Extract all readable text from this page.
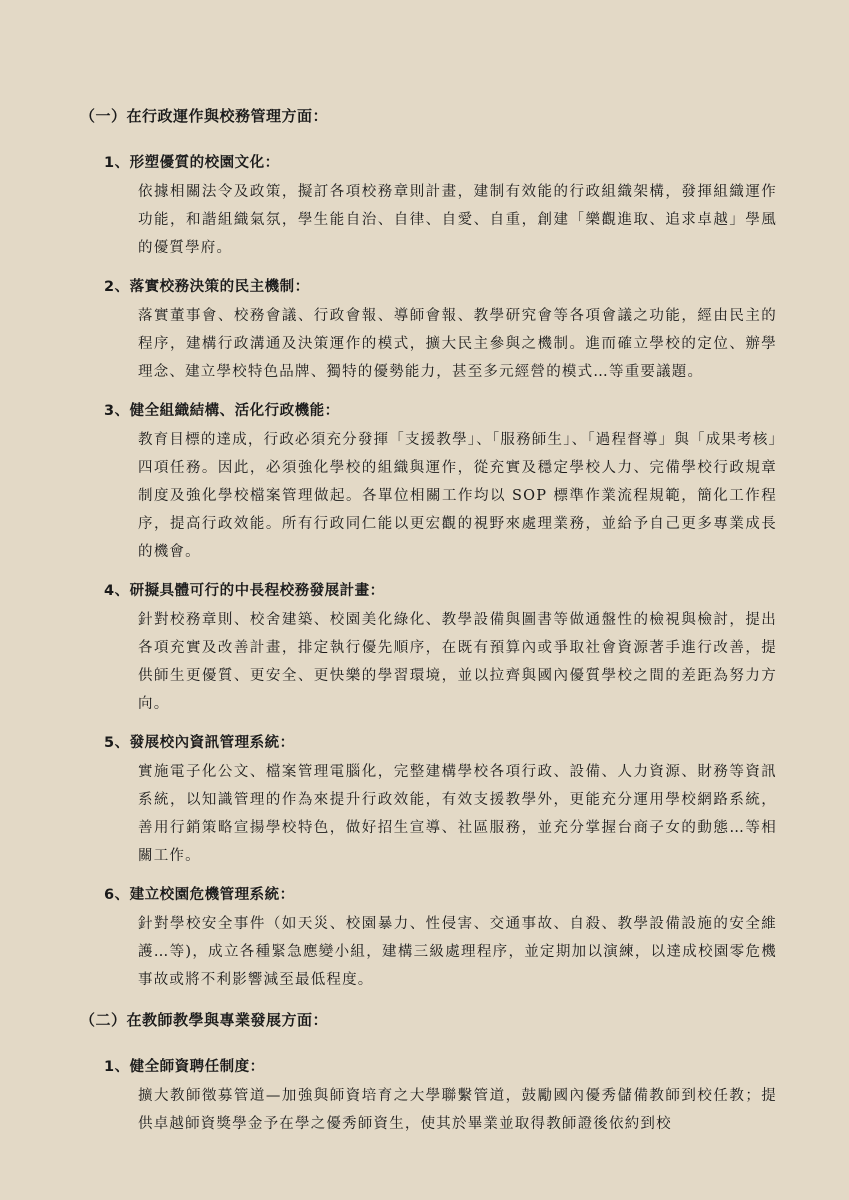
（一）在行政運作與校務管理方面：
1、形塑優質的校園文化：
依據相關法令及政策，擬訂各項校務章則計畫，建制有效能的行政組織架構，發揮組織運作功能，和諧組織氣氛，學生能自治、自律、自愛、自重，創建「樂觀進取、追求卓越」學風的優質學府。
2、落實校務決策的民主機制：
落實董事會、校務會議、行政會報、導師會報、教學研究會等各項會議之功能，經由民主的程序，建構行政溝通及決策運作的模式，擴大民主參與之機制。進而確立學校的定位、辦學理念、建立學校特色品牌、獨特的優勢能力，甚至多元經營的模式…等重要議題。
3、健全組織結構、活化行政機能：
教育目標的達成，行政必須充分發揮「支援教學」、「服務師生」、「過程督導」與「成果考核」四項任務。因此，必須強化學校的組織與運作，從充實及穩定學校人力、完備學校行政規章制度及強化學校檔案管理做起。各單位相關工作均以 SOP 標準作業流程規範，簡化工作程序，提高行政效能。所有行政同仁能以更宏觀的視野來處理業務，並給予自己更多專業成長的機會。
4、研擬具體可行的中長程校務發展計畫：
針對校務章則、校舍建築、校園美化綠化、教學設備與圖書等做通盤性的檢視與檢討，提出各項充實及改善計畫，排定執行優先順序，在既有預算內或爭取社會資源著手進行改善，提供師生更優質、更安全、更快樂的學習環境，並以拉齊與國內優質學校之間的差距為努力方向。
5、發展校內資訊管理系統：
實施電子化公文、檔案管理電腦化，完整建構學校各項行政、設備、人力資源、財務等資訊系統，以知識管理的作為來提升行政效能，有效支援教學外，更能充分運用學校網路系統，善用行銷策略宣揚學校特色，做好招生宣導、社區服務，並充分掌握台商子女的動態…等相關工作。
6、建立校園危機管理系統：
針對學校安全事件（如天災、校園暴力、性侵害、交通事故、自殺、教學設備設施的安全維護…等)，成立各種緊急應變小組，建構三級處理程序，並定期加以演練，以達成校園零危機事故或將不利影響減至最低程度。
（二）在教師教學與專業發展方面：
1、健全師資聘任制度：
擴大教師徵募管道—加強與師資培育之大學聯繫管道，鼓勵國內優秀儲備教師到校任教；提供卓越師資獎學金予在學之優秀師資生，使其於畢業並取得教師證後依約到校
